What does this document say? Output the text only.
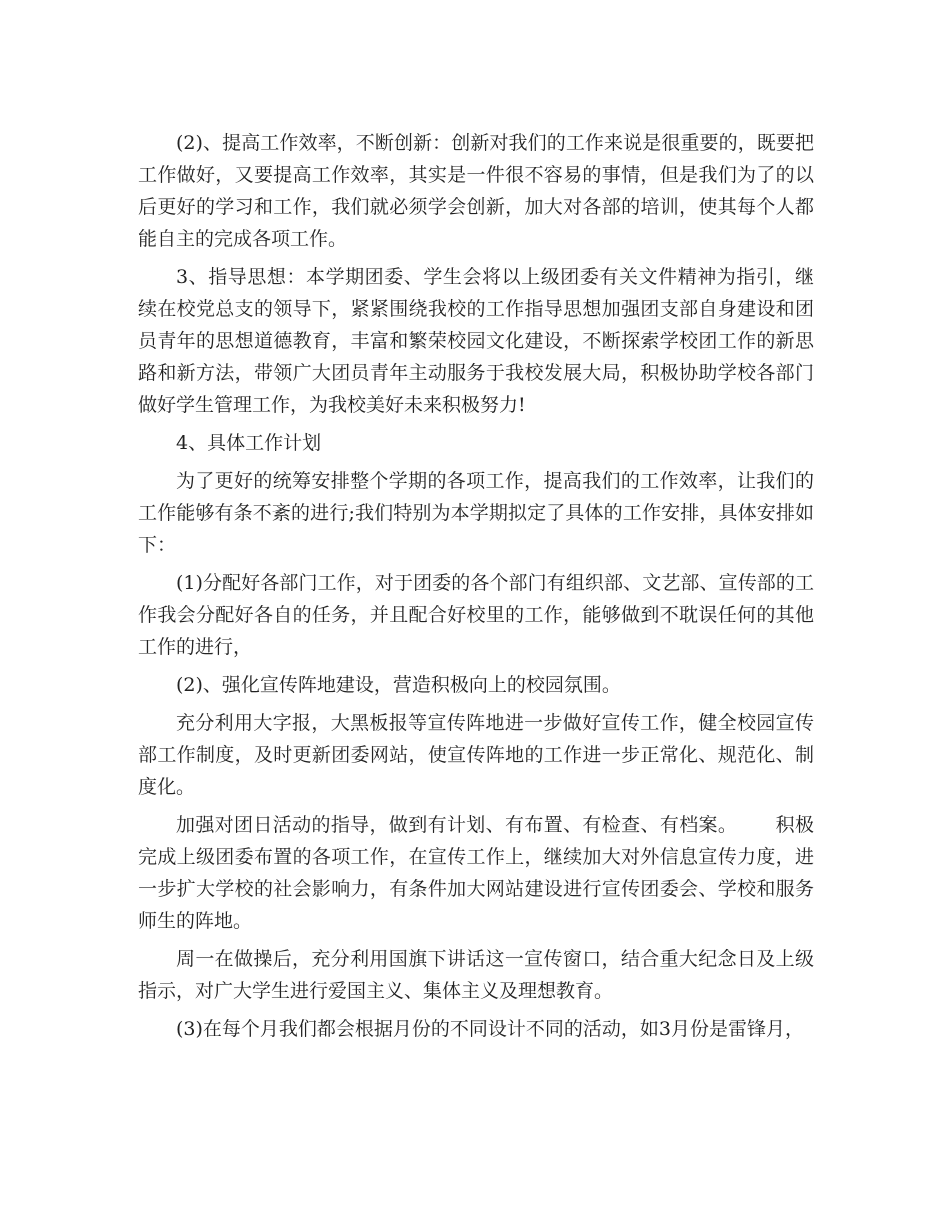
(2)、提高工作效率，不断创新：创新对我们的工作来说是很重要的，既要把工作做好，又要提高工作效率，其实是一件很不容易的事情，但是我们为了的以后更好的学习和工作，我们就必须学会创新，加大对各部的培训，使其每个人都能自主的完成各项工作。

3、指导思想：本学期团委、学生会将以上级团委有关文件精神为指引，继续在校党总支的领导下，紧紧围绕我校的工作指导思想加强团支部自身建设和团员青年的思想道德教育，丰富和繁荣校园文化建设，不断探索学校团工作的新思路和新方法，带领广大团员青年主动服务于我校发展大局，积极协助学校各部门做好学生管理工作，为我校美好未来积极努力!

4、具体工作计划

为了更好的统筹安排整个学期的各项工作，提高我们的工作效率，让我们的工作能够有条不紊的进行;我们特别为本学期拟定了具体的工作安排，具体安排如下：

(1)分配好各部门工作，对于团委的各个部门有组织部、文艺部、宣传部的工作我会分配好各自的任务，并且配合好校里的工作，能够做到不耽误任何的其他工作的进行，

(2)、强化宣传阵地建设，营造积极向上的校园氛围。

充分利用大字报，大黑板报等宣传阵地进一步做好宣传工作，健全校园宣传部工作制度，及时更新团委网站，使宣传阵地的工作进一步正常化、规范化、制度化。

加强对团日活动的指导，做到有计划、有布置、有检查、有档案。 积极完成上级团委布置的各项工作，在宣传工作上，继续加大对外信息宣传力度，进一步扩大学校的社会影响力，有条件加大网站建设进行宣传团委会、学校和服务师生的阵地。

周一在做操后，充分利用国旗下讲话这一宣传窗口，结合重大纪念日及上级指示，对广大学生进行爱国主义、集体主义及理想教育。

(3)在每个月我们都会根据月份的不同设计不同的活动，如3月份是雷锋月，
